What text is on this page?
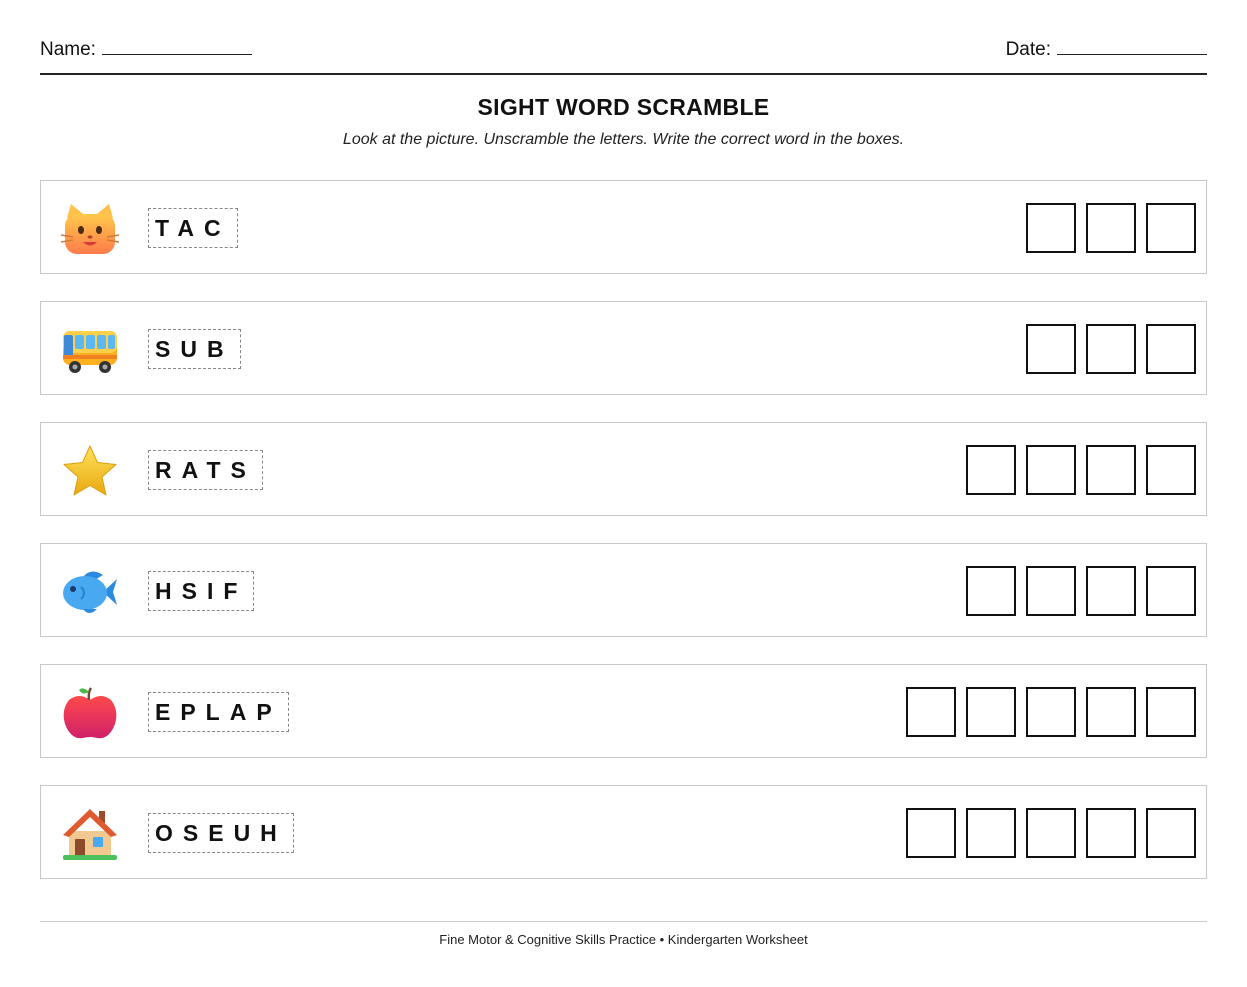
Name:	Date:
SIGHT WORD SCRAMBLE
Look at the picture. Unscramble the letters. Write the correct word in the boxes.
TAC
SUB
RATS
HSIF
EPLAP
OSEUH
Fine Motor & Cognitive Skills Practice • Kindergarten Worksheet
